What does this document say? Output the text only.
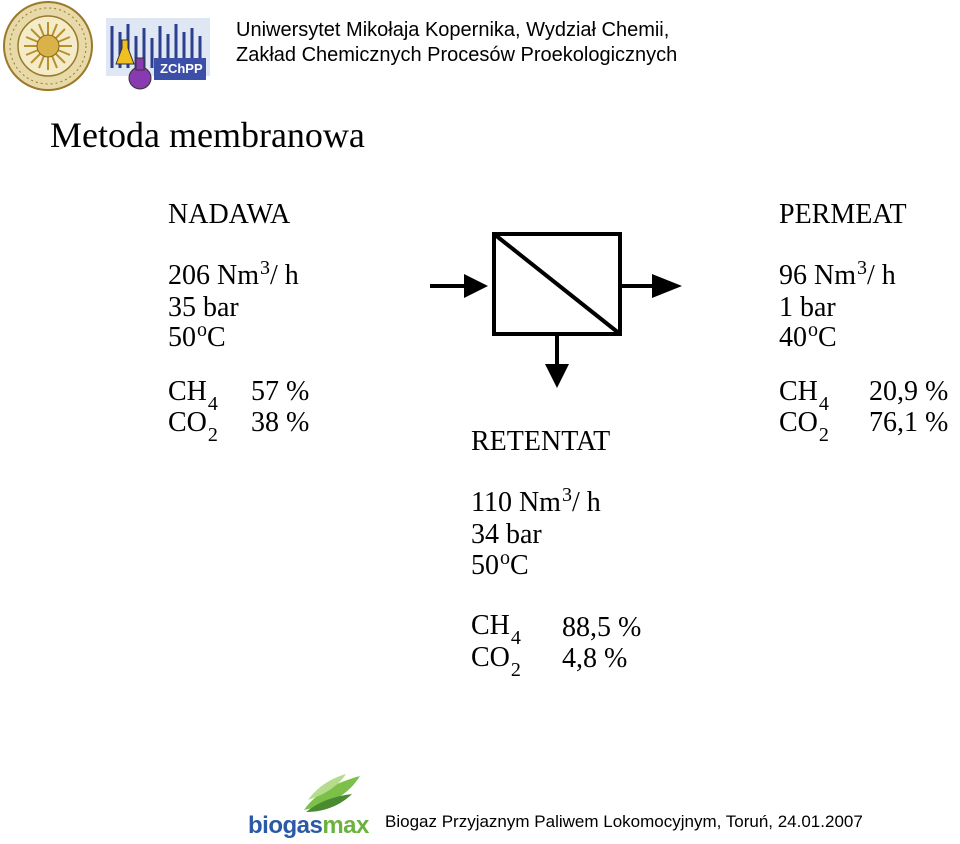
ZChPP
Uniwersytet Mikołaja Kopernika, Wydział Chemii,
Zakład Chemicznych Procesów Proekologicznych
Metoda membranowa
NADAWA
206 Nm$^3$/ h
35 bar
50$^o$C
$CH_4$ 57 %
$CO_2$ 38 %
PERMEAT
96 Nm$^3$/ h
1 bar
40$^o$C
$CH_4$ 20,9 %
$CO_2$ 76,1 %
RETENTAT
110 Nm$^3$/ h
34 bar
50$^o$C
$CH_4$ 88,5 %
$CO_2$ 4,8 %
biogasmax Biogaz Przyjaznym Paliwem Lokomocyjnym, Toruń, 24.01.2007
